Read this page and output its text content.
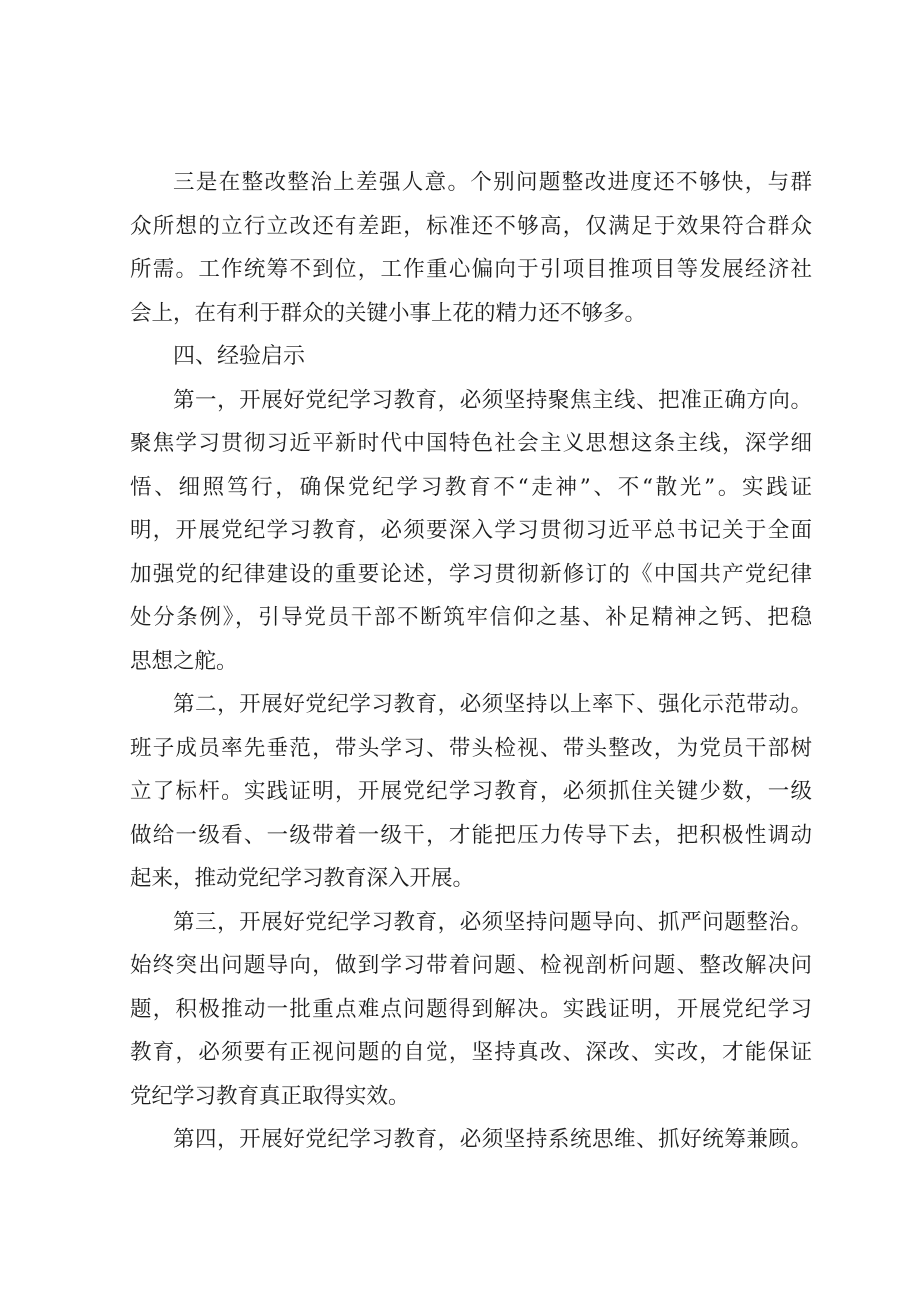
三是在整改整治上差强人意。个别问题整改进度还不够快，与群
众所想的立行立改还有差距，标准还不够高，仅满足于效果符合群众
所需。工作统筹不到位，工作重心偏向于引项目推项目等发展经济社
会上，在有利于群众的关键小事上花的精力还不够多。
四、经验启示
第一，开展好党纪学习教育，必须坚持聚焦主线、把准正确方向。
聚焦学习贯彻习近平新时代中国特色社会主义思想这条主线，深学细
悟、细照笃行，确保党纪学习教育不“走神”、不“散光”。实践证
明，开展党纪学习教育，必须要深入学习贯彻习近平总书记关于全面
加强党的纪律建设的重要论述，学习贯彻新修订的《中国共产党纪律
处分条例》，引导党员干部不断筑牢信仰之基、补足精神之钙、把稳
思想之舵。
第二，开展好党纪学习教育，必须坚持以上率下、强化示范带动。
班子成员率先垂范，带头学习、带头检视、带头整改，为党员干部树
立了标杆。实践证明，开展党纪学习教育，必须抓住关键少数，一级
做给一级看、一级带着一级干，才能把压力传导下去，把积极性调动
起来，推动党纪学习教育深入开展。
第三，开展好党纪学习教育，必须坚持问题导向、抓严问题整治。
始终突出问题导向，做到学习带着问题、检视剖析问题、整改解决问
题，积极推动一批重点难点问题得到解决。实践证明，开展党纪学习
教育，必须要有正视问题的自觉，坚持真改、深改、实改，才能保证
党纪学习教育真正取得实效。
第四，开展好党纪学习教育，必须坚持系统思维、抓好统筹兼顾。
